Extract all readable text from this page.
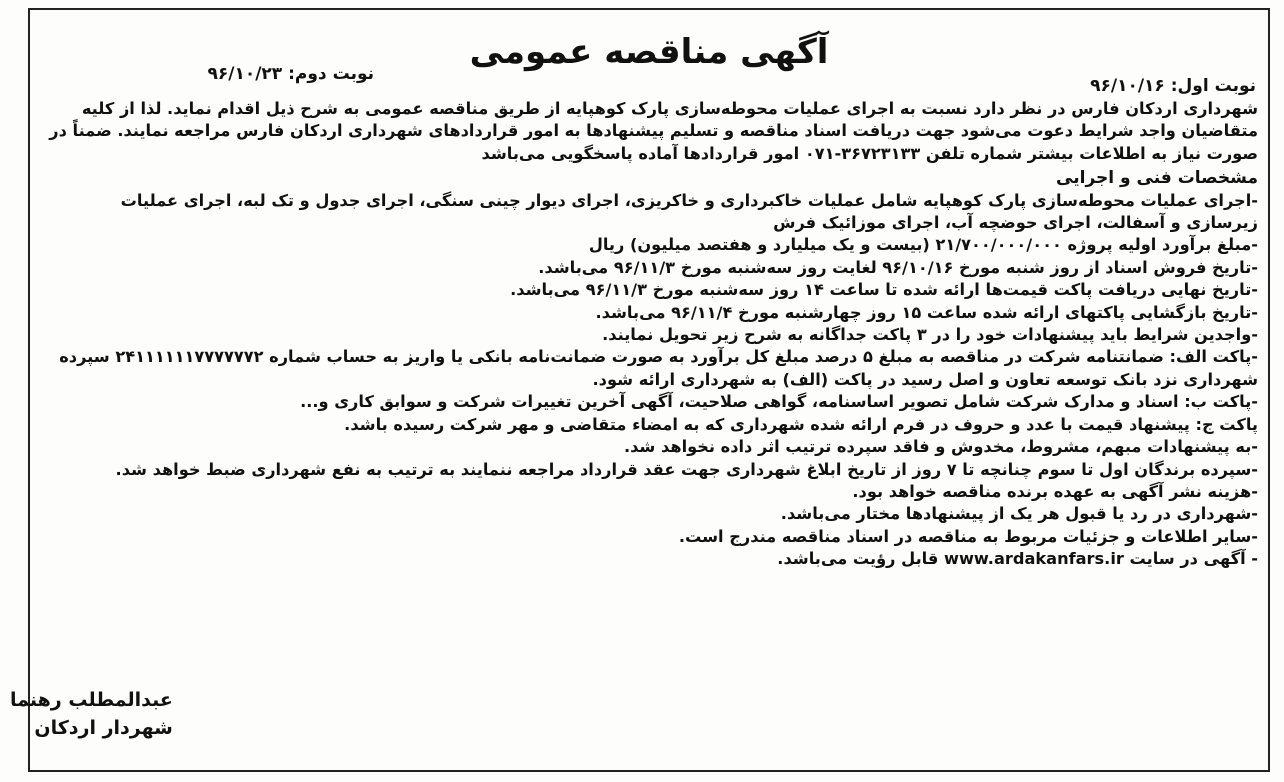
آگهی مناقصه عمومی
نوبت دوم: ۹۶/۱۰/۲۳
نوبت اول: ۹۶/۱۰/۱۶

شهرداری اردکان فارس در نظر دارد نسبت به اجرای عملیات محوطه‌سازی پارک کوهپایه از طریق مناقصه عمومی به شرح ذیل اقدام نماید. لذا از کلیه متقاضیان واجد شرایط دعوت می‌شود جهت دریافت اسناد مناقصه و تسلیم پیشنهادها به امور قراردادهای شهرداری اردکان فارس مراجعه نمایند. ضمناً در صورت نیاز به اطلاعات بیشتر شماره تلفن ۳۶۷۲۳۱۳۳-۰۷۱ امور قراردادها آماده پاسخگویی می‌باشد

مشخصات فنی و اجرایی

-اجرای عملیات محوطه‌سازی پارک کوهپایه شامل عملیات خاکبرداری و خاکریزی، اجرای دیوار چینی سنگی، اجرای جدول و تک لبه، اجرای عملیات زیرسازی و آسفالت، اجرای حوضچه آب، اجرای موزائیک فرش

-مبلغ برآورد اولیه پروژه ۲۱/۷۰۰/۰۰۰/۰۰۰ (بیست و یک میلیارد و هفتصد میلیون) ریال

-تاریخ فروش اسناد از روز شنبه مورخ ۹۶/۱۰/۱۶ لغایت روز سه‌شنبه مورخ ۹۶/۱۱/۳ می‌باشد.

-تاریخ نهایی دریافت پاکت قیمت‌ها ارائه شده تا ساعت ۱۴ روز سه‌شنبه مورخ ۹۶/۱۱/۳ می‌باشد.

-تاریخ بازگشایی پاکتهای ارائه شده ساعت ۱۵ روز چهارشنبه مورخ ۹۶/۱۱/۴ می‌باشد.

-واجدین شرایط باید پیشنهادات خود را در ۳ پاکت جداگانه به شرح زیر تحویل نمایند.

-پاکت الف: ضمانتنامه شرکت در مناقصه به مبلغ ۵ درصد مبلغ کل برآورد به صورت ضمانت‌نامه بانکی یا واریز به حساب شماره ۲۴۱۱۱۱۱۱۷۷۷۷۷۷۲ سپرده شهرداری نزد بانک توسعه تعاون و اصل رسید در پاکت (الف) به شهرداری ارائه شود.

-پاکت ب: اسناد و مدارک شرکت شامل تصویر اساسنامه، گواهی صلاحیت، آگهی آخرین تغییرات شرکت و سوابق کاری و...

پاکت ج: پیشنهاد قیمت با عدد و حروف در فرم ارائه شده شهرداری که به امضاء متقاضی و مهر شرکت رسیده باشد.

-به پیشنهادات مبهم، مشروط، مخدوش و فاقد سپرده ترتیب اثر داده نخواهد شد.

-سپرده برندگان اول تا سوم چنانچه تا ۷ روز از تاریخ ابلاغ شهرداری جهت عقد قرارداد مراجعه ننمایند به ترتیب به نفع شهرداری ضبط خواهد شد.

-هزینه نشر آگهی به عهده برنده مناقصه خواهد بود.

-شهرداری در رد یا قبول هر یک از پیشنهادها مختار می‌باشد.

-سایر اطلاعات و جزئیات مربوط به مناقصه در اسناد مناقصه مندرج است.

- آگهی در سایت www.ardakanfars.ir قابل رؤیت می‌باشد.

عبدالمطلب رهنما
شهردار اردکان
